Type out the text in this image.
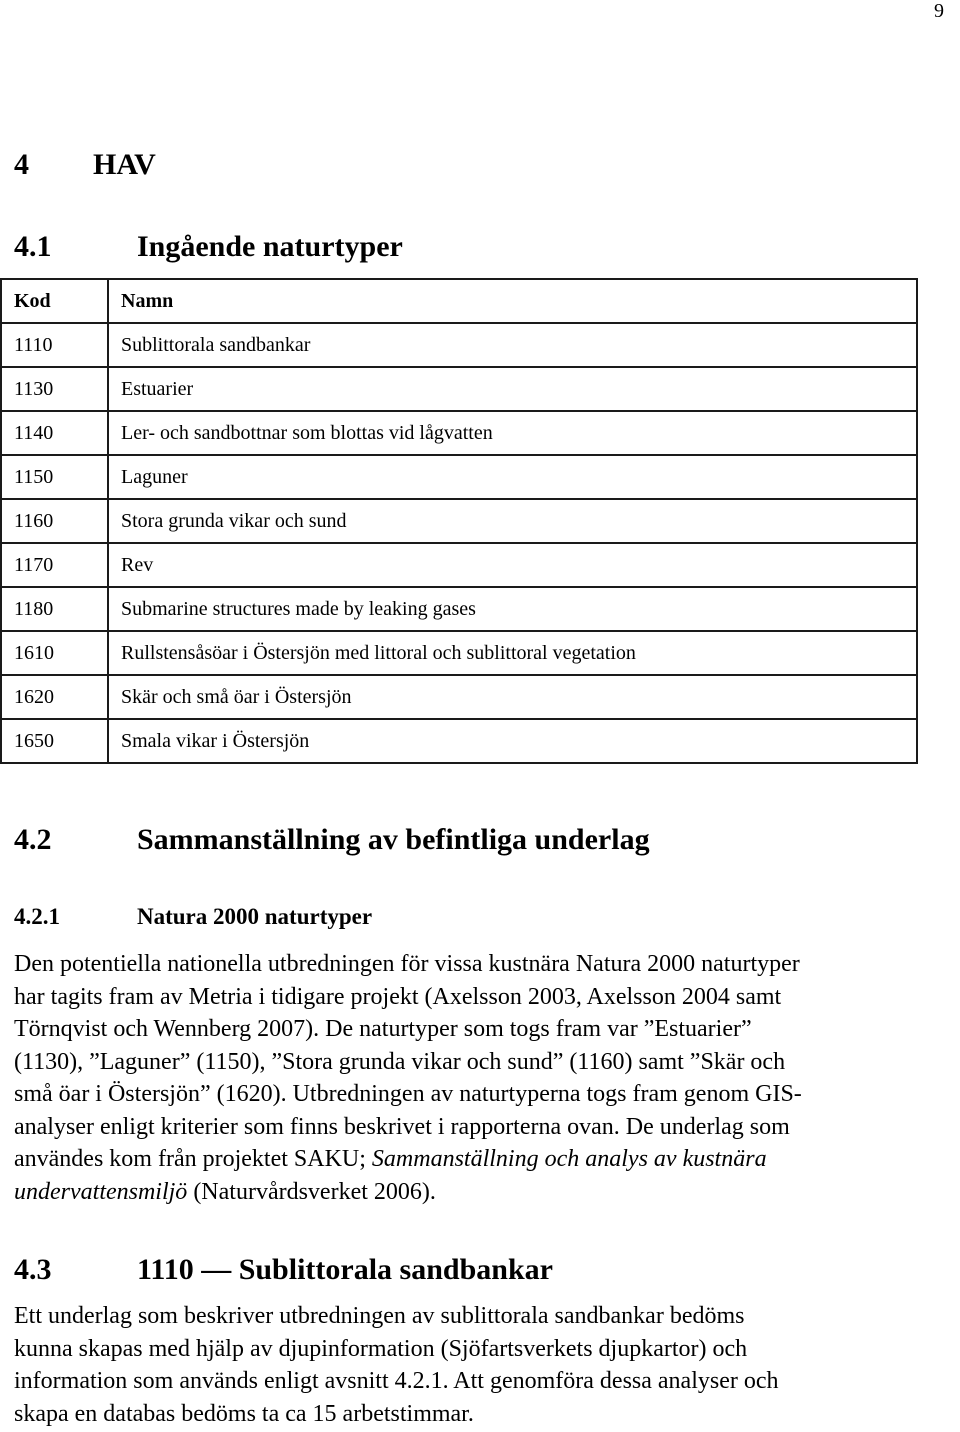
9
4 HAV
4.1	Ingående naturtyper
Kod	Namn
1110	Sublittorala sandbankar
1130	Estuarier
1140	Ler- och sandbottnar som blottas vid lågvatten
1150	Laguner
1160	Stora grunda vikar och sund
1170	Rev
1180	Submarine structures made by leaking gases
1610	Rullstensåsöar i Östersjön med littoral och sublittoral vegetation
1620	Skär och små öar i Östersjön
1650	Smala vikar i Östersjön
4.2	Sammanställning av befintliga underlag
4.2.1	Natura 2000 naturtyper
Den potentiella nationella utbredningen för vissa kustnära Natura 2000 naturtyper
har tagits fram av Metria i tidigare projekt (Axelsson 2003, Axelsson 2004 samt
Törnqvist och Wennberg 2007). De naturtyper som togs fram var ”Estuarier”
(1130), ”Laguner” (1150), ”Stora grunda vikar och sund” (1160) samt ”Skär och
små öar i Östersjön” (1620). Utbredningen av naturtyperna togs fram genom GIS-
analyser enligt kriterier som finns beskrivet i rapporterna ovan. De underlag som
användes kom från projektet SAKU; Sammanställning och analys av kustnära
undervattensmiljö (Naturvårdsverket 2006).
4.3	1110 — Sublittorala sandbankar
Ett underlag som beskriver utbredningen av sublittorala sandbankar bedöms
kunna skapas med hjälp av djupinformation (Sjöfartsverkets djupkartor) och
information som används enligt avsnitt 4.2.1. Att genomföra dessa analyser och
skapa en databas bedöms ta ca 15 arbetstimmar.
